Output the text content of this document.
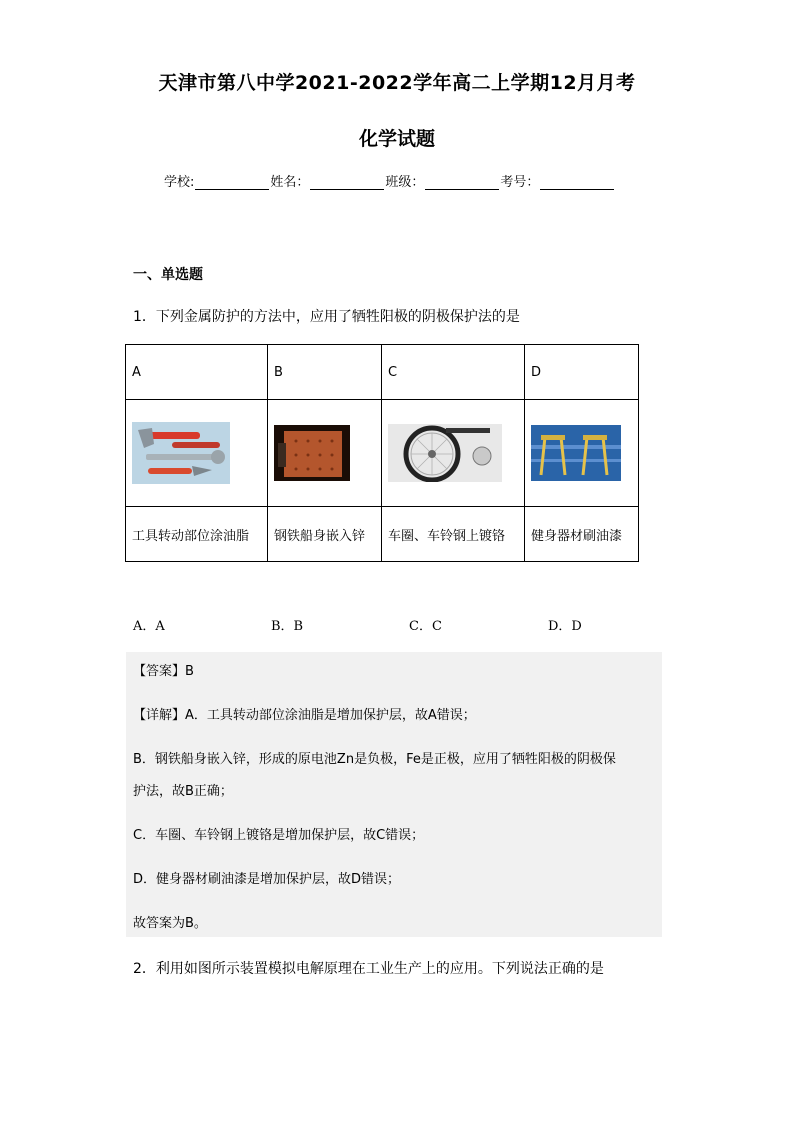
天津市第八中学2021-2022学年高二上学期12月月考
化学试题
学校:	姓名：	班级：	考号：
一、单选题
1．下列金属防护的方法中，应用了牺牲阳极的阴极保护法的是
A	B	C	D

工具转动部位涂油脂	钢铁船身嵌入锌	车圈、车铃钢上镀铬	健身器材刷油漆
A．A	B．B	C．C	D．D
【答案】B
【详解】A．工具转动部位涂油脂是增加保护层，故A错误；
B．钢铁船身嵌入锌，形成的原电池Zn是负极，Fe是正极，应用了牺牲阳极的阴极保
护法，故B正确；
C．车圈、车铃钢上镀铬是增加保护层，故C错误；
D．健身器材刷油漆是增加保护层，故D错误；
故答案为B。
2．利用如图所示装置模拟电解原理在工业生产上的应用。下列说法正确的是
